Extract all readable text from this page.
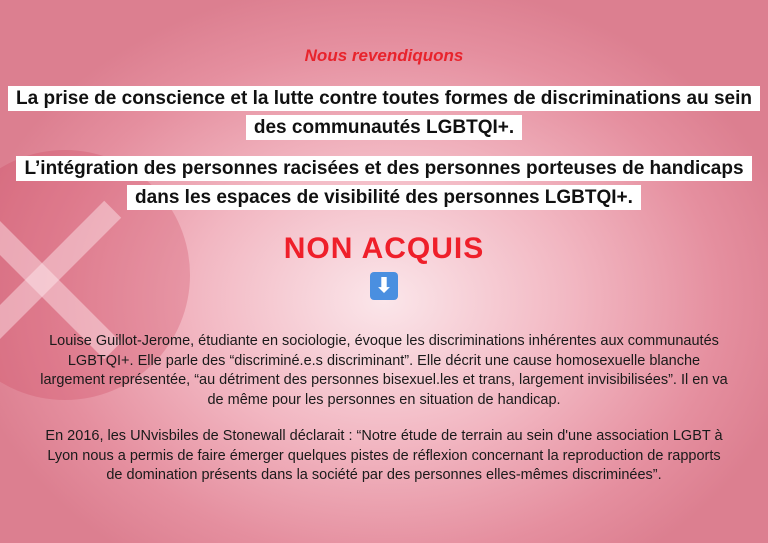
Nous revendiquons
La prise de conscience et la lutte contre toutes formes de discriminations au sein des communautés LGBTQI+.
L’intégration des personnes racisées et des personnes porteuses de handicaps dans les espaces de visibilité des personnes LGBTQI+.
NON ACQUIS
⬇
Louise Guillot-Jerome, étudiante en sociologie, évoque les discriminations inhérentes aux communautés LGBTQI+. Elle parle des “discriminé.e.s discriminant”. Elle décrit une cause homosexuelle blanche largement représentée, “au détriment des personnes bisexuel.les et trans, largement invisibilisées”. Il en va de même pour les personnes en situation de handicap.
En 2016, les UNvisbiles de Stonewall déclarait : “Notre étude de terrain au sein d'une association LGBT à Lyon nous a permis de faire émerger quelques pistes de réflexion concernant la reproduction de rapports de domination présents dans la société par des personnes elles-mêmes discriminées”.
